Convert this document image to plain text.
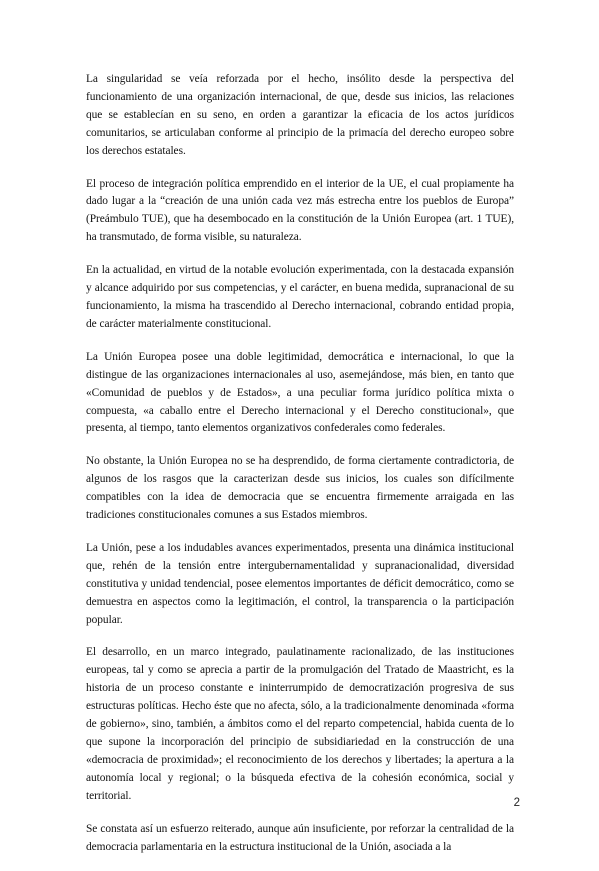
La singularidad se veía reforzada por el hecho, insólito desde la perspectiva del funcionamiento de una organización internacional, de que, desde sus inicios, las relaciones que se establecían en su seno, en orden a garantizar la eficacia de los actos jurídicos comunitarios, se articulaban conforme al principio de la primacía del derecho europeo sobre los derechos estatales.

El proceso de integración política emprendido en el interior de la UE, el cual propiamente ha dado lugar a la “creación de una unión cada vez más estrecha entre los pueblos de Europa” (Preámbulo TUE), que ha desembocado en la constitución de la Unión Europea (art. 1 TUE), ha transmutado, de forma visible, su naturaleza.

En la actualidad, en virtud de la notable evolución experimentada, con la destacada expansión y alcance adquirido por sus competencias, y el carácter, en buena medida, supranacional de su funcionamiento, la misma ha trascendido al Derecho internacional, cobrando entidad propia, de carácter materialmente constitucional.

La Unión Europea posee una doble legitimidad, democrática e internacional, lo que la distingue de las organizaciones internacionales al uso, asemejándose, más bien, en tanto que «Comunidad de pueblos y de Estados», a una peculiar forma jurídico política mixta o compuesta, «a caballo entre el Derecho internacional y el Derecho constitucional», que presenta, al tiempo, tanto elementos organizativos confederales como federales.

No obstante, la Unión Europea no se ha desprendido, de forma ciertamente contradictoria, de algunos de los rasgos que la caracterizan desde sus inicios, los cuales son difícilmente compatibles con la idea de democracia que se encuentra firmemente arraigada en las tradiciones constitucionales comunes a sus Estados miembros.

La Unión, pese a los indudables avances experimentados, presenta una dinámica institucional que, rehén de la tensión entre intergubernamentalidad y supranacionalidad, diversidad constitutiva y unidad tendencial, posee elementos importantes de déficit democrático, como se demuestra en aspectos como la legitimación, el control, la transparencia o la participación popular.

El desarrollo, en un marco integrado, paulatinamente racionalizado, de las instituciones europeas, tal y como se aprecia a partir de la promulgación del Tratado de Maastricht, es la historia de un proceso constante e ininterrumpido de democratización progresiva de sus estructuras políticas. Hecho éste que no afecta, sólo, a la tradicionalmente denominada «forma de gobierno», sino, también, a ámbitos como el del reparto competencial, habida cuenta de lo que supone la incorporación del principio de subsidiariedad en la construcción de una «democracia de proximidad»; el reconocimiento de los derechos y libertades; la apertura a la autonomía local y regional; o la búsqueda efectiva de la cohesión económica, social y territorial.

Se constata así un esfuerzo reiterado, aunque aún insuficiente, por reforzar la centralidad de la democracia parlamentaria en la estructura institucional de la Unión, asociada a la

2
